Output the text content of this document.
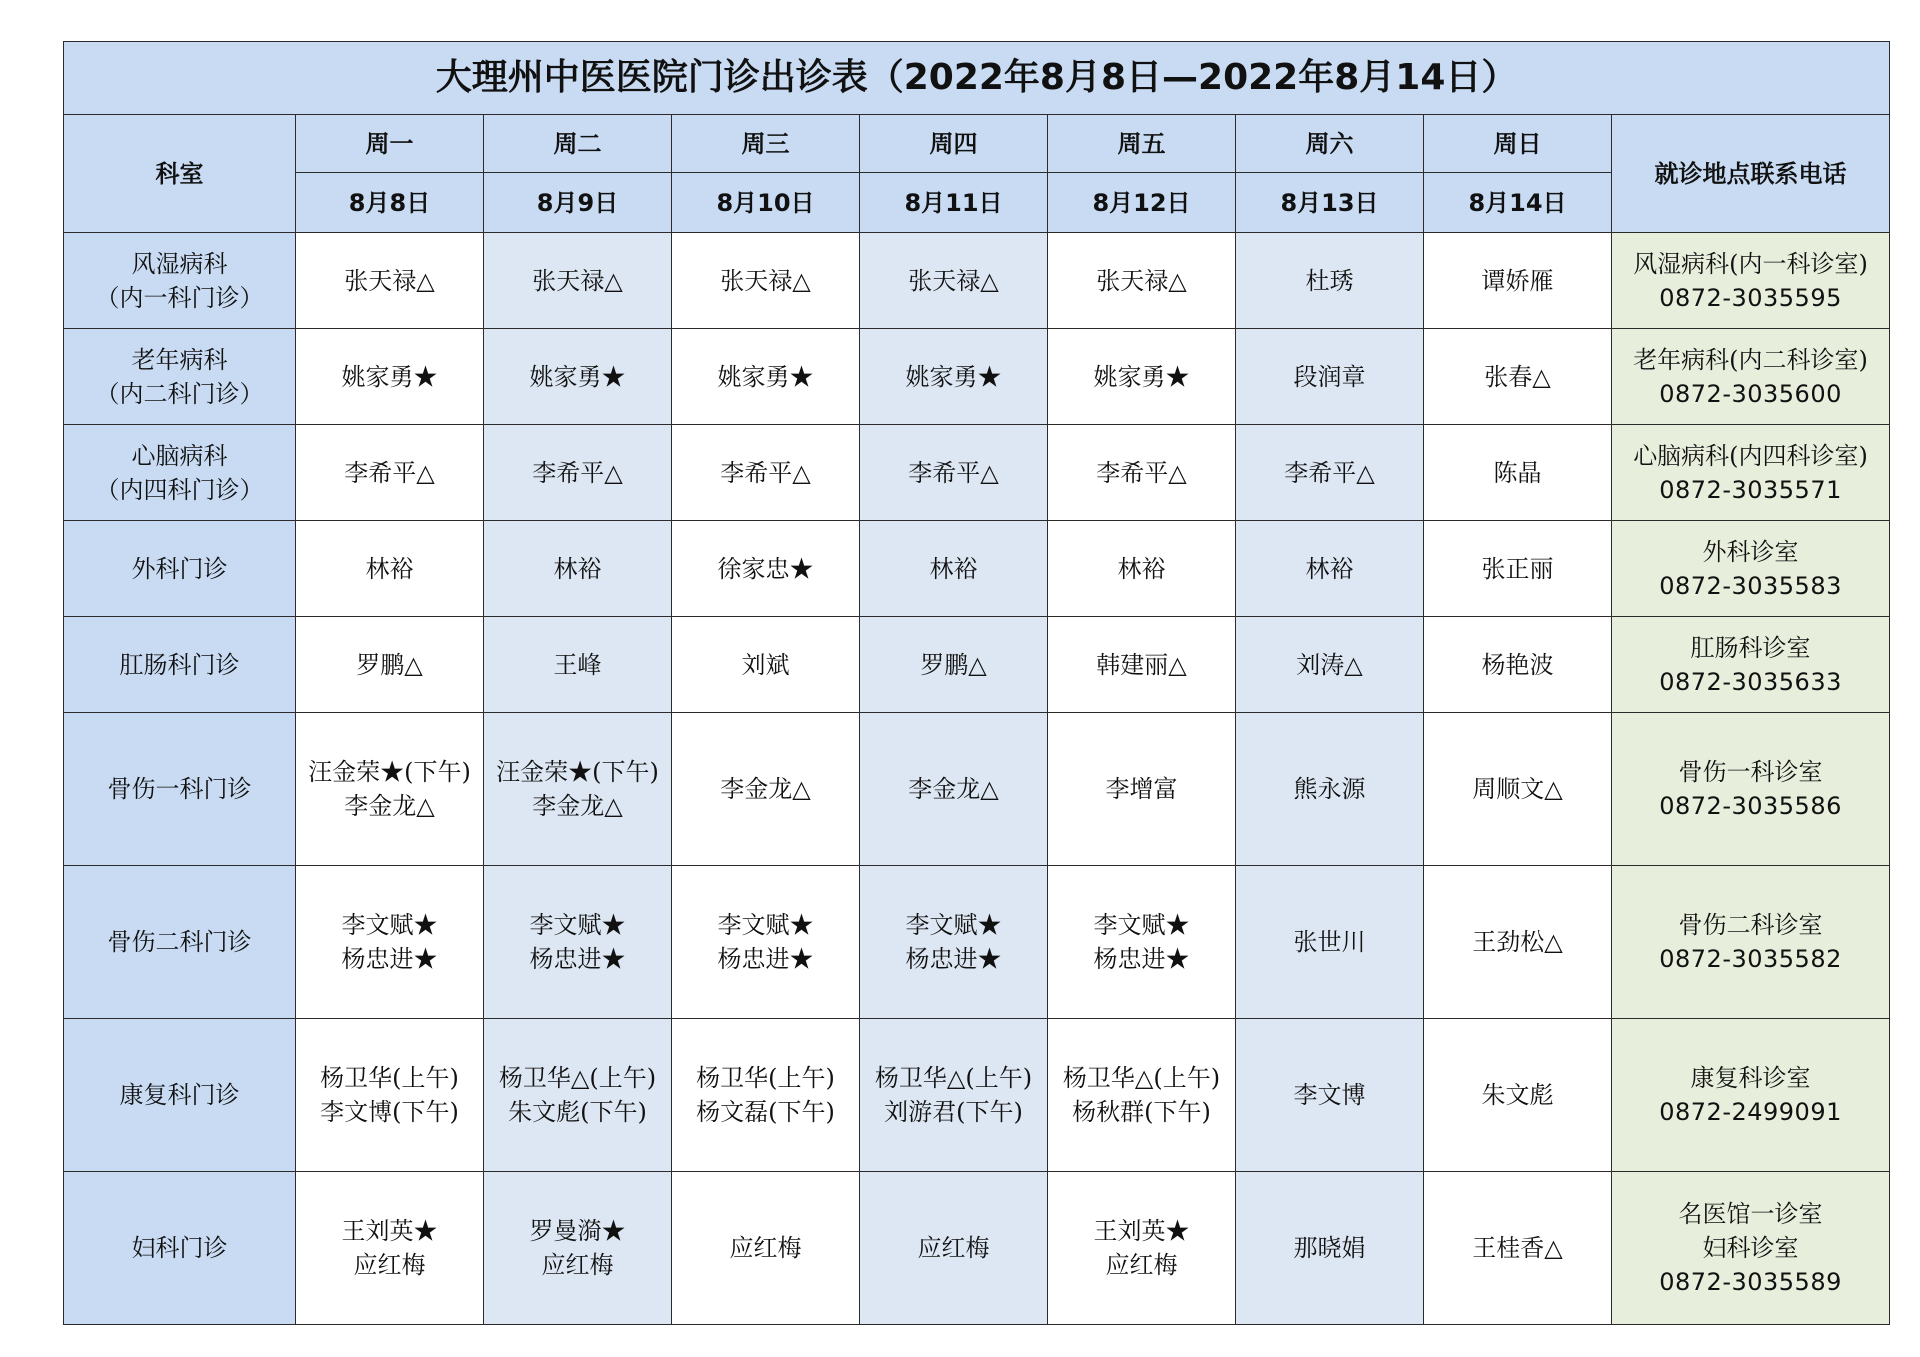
大理州中医医院门诊出诊表（2022年8月8日—2022年8月14日）								
科室	周一	周二	周三	周四	周五	周六	周日	就诊地点联系电话
	8月8日	8月9日	8月10日	8月11日	8月12日	8月13日	8月14日	

风湿病科
（内一科门诊）	张天禄△	张天禄△	张天禄△	张天禄△	张天禄△	杜琇	谭娇雁	风湿病科(内一科诊室)
0872-3035595

老年病科
（内二科门诊）	姚家勇★	姚家勇★	姚家勇★	姚家勇★	姚家勇★	段润章	张春△	老年病科(内二科诊室)
0872-3035600

心脑病科
（内四科门诊）	李希平△	李希平△	李希平△	李希平△	李希平△	李希平△	陈晶	心脑病科(内四科诊室)
0872-3035571

外科门诊	林裕	林裕	徐家忠★	林裕	林裕	林裕	张正丽	外科诊室
0872-3035583

肛肠科门诊	罗鹏△	王峰	刘斌	罗鹏△	韩建丽△	刘涛△	杨艳波	肛肠科诊室
0872-3035633

骨伤一科门诊	汪金荣★(下午)
李金龙△	汪金荣★(下午)
李金龙△	李金龙△	李金龙△	李增富	熊永源	周顺文△	骨伤一科诊室
0872-3035586

骨伤二科门诊	李文赋★
杨忠进★	李文赋★
杨忠进★	李文赋★
杨忠进★	李文赋★
杨忠进★	李文赋★
杨忠进★	张世川	王劲松△	骨伤二科诊室
0872-3035582

康复科门诊	杨卫华(上午)
李文博(下午)	杨卫华△(上午)
朱文彪(下午)	杨卫华(上午)
杨文磊(下午)	杨卫华△(上午)
刘游君(下午)	杨卫华△(上午)
杨秋群(下午)	李文博	朱文彪	康复科诊室
0872-2499091

妇科门诊	王刘英★
应红梅	罗曼漪★
应红梅	应红梅	应红梅	王刘英★
应红梅	那晓娟	王桂香△	名医馆一诊室
妇科诊室
0872-3035589
